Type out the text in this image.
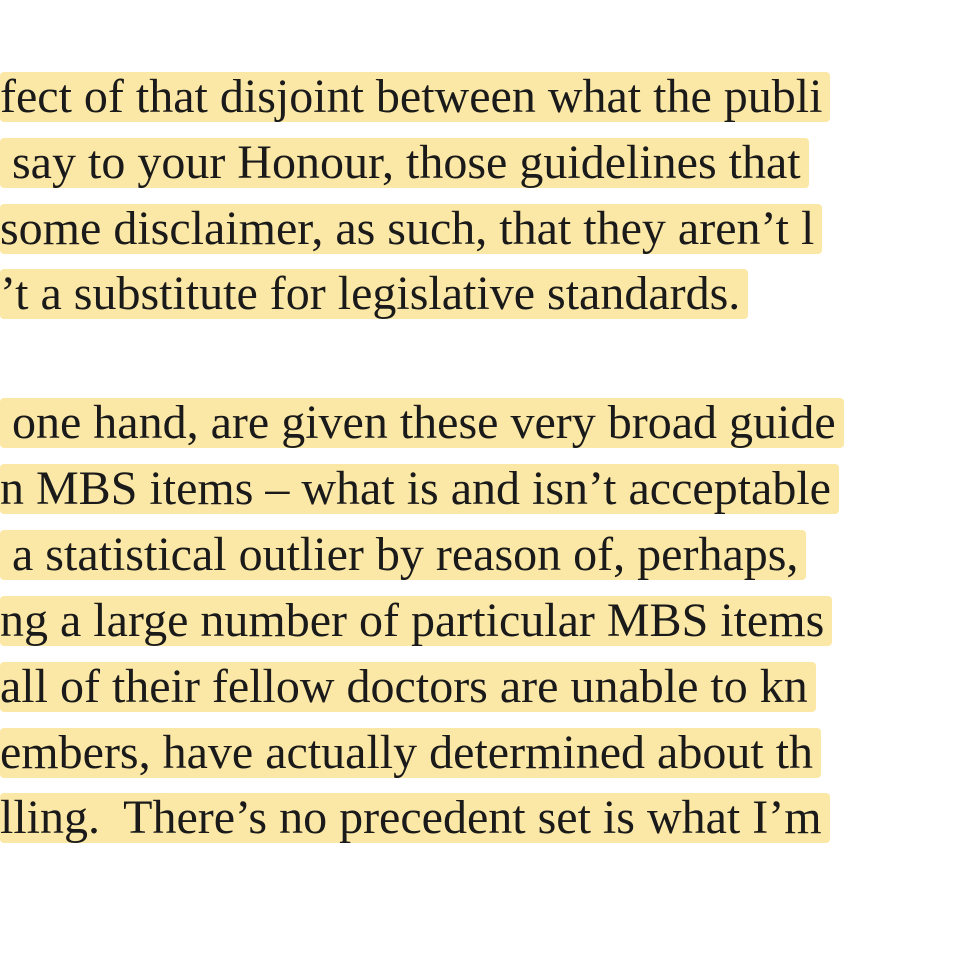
fect of that disjoint between what the publi
say to your Honour, those guidelines that
some disclaimer, as such, that they aren’t l
’t a substitute for legislative standards.
one hand, are given these very broad guide
n MBS items – what is and isn’t acceptable
a statistical outlier by reason of, perhaps,
ng a large number of particular MBS items
all of their fellow doctors are unable to kn
embers, have actually determined about th
lling.  There’s no precedent set is what I’m
